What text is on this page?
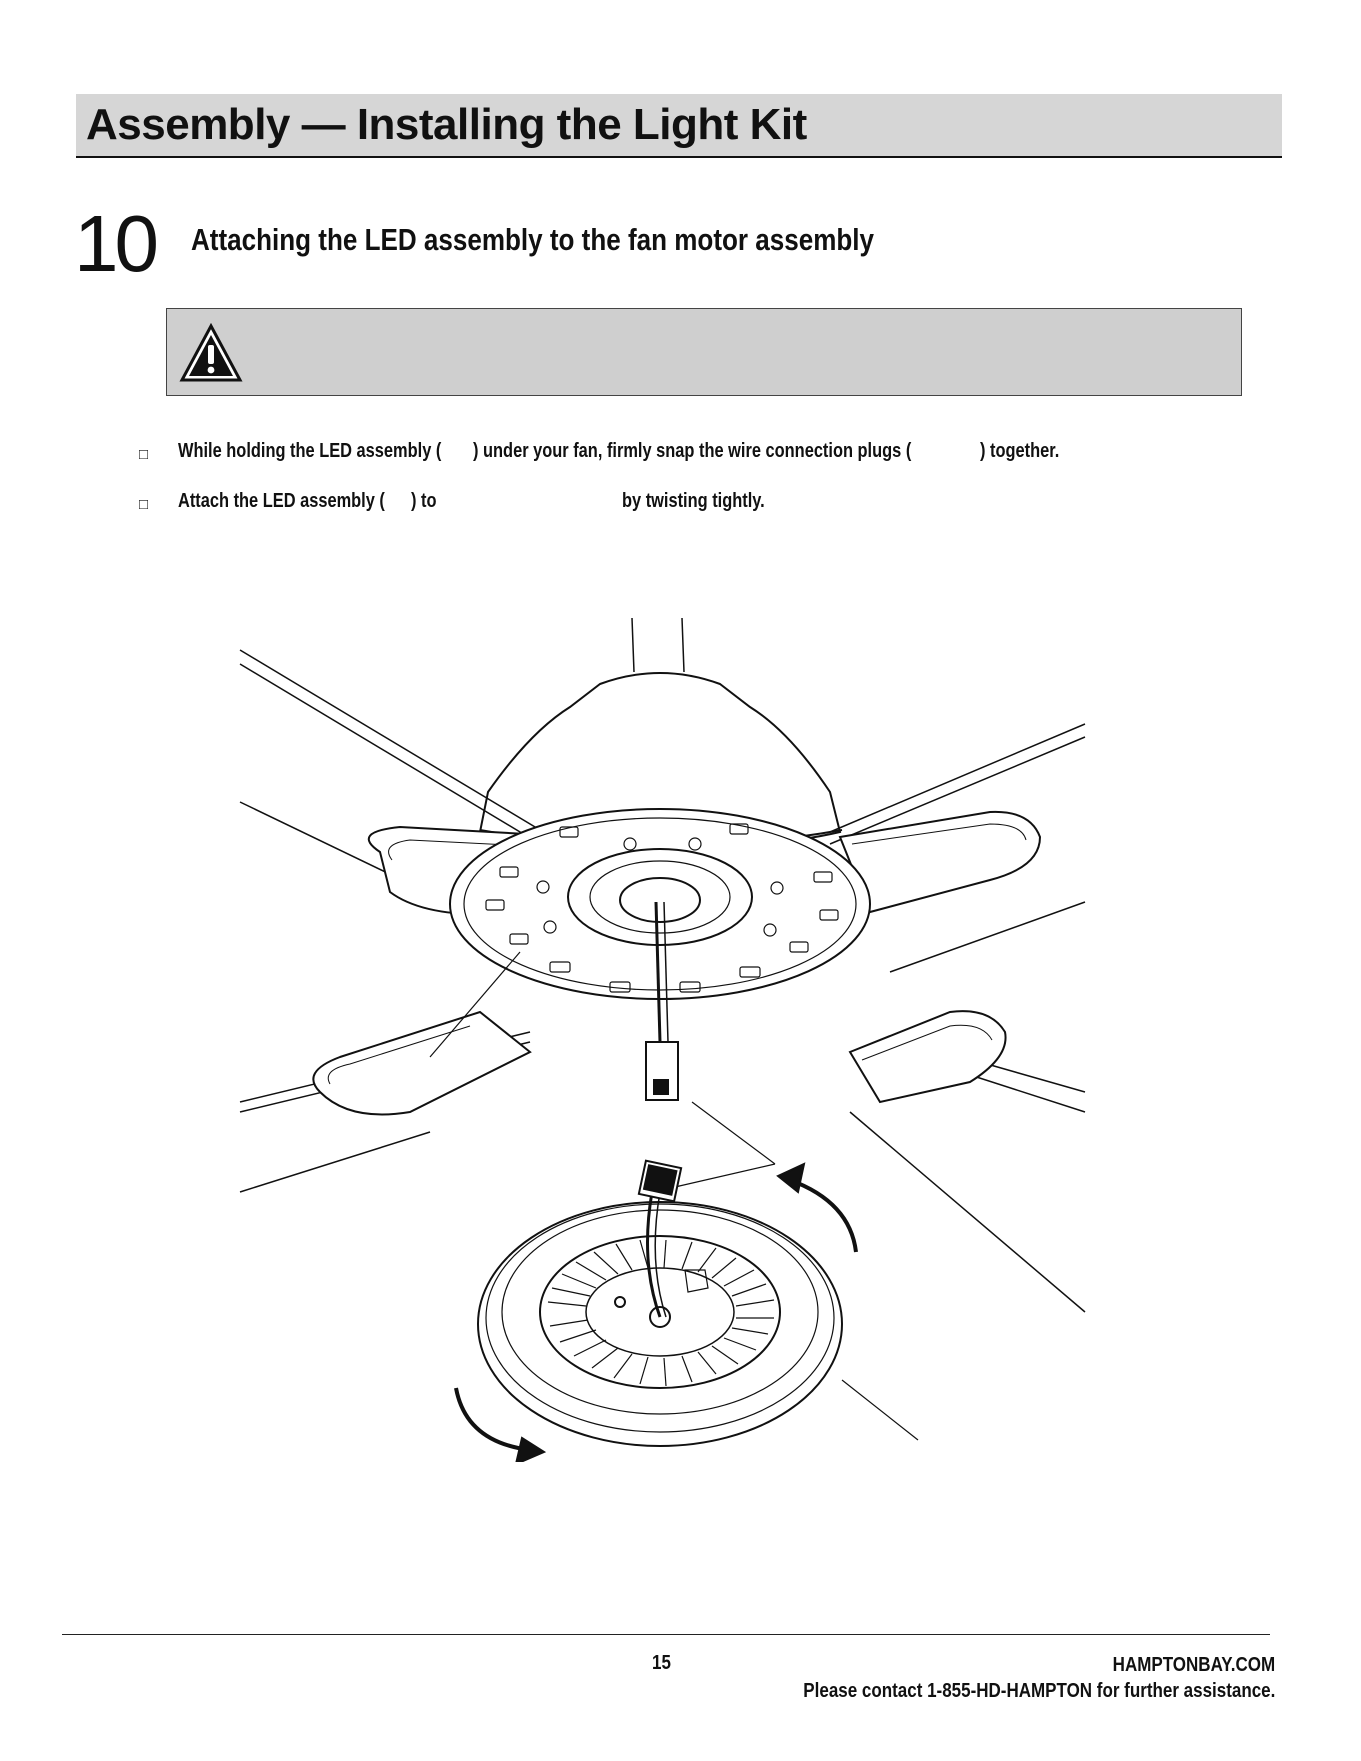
Assembly — Installing the Light Kit
10 Attaching the LED assembly to the fan motor assembly
□ While holding the LED assembly ( ) under your fan, firmly snap the wire connection plugs (	) together.
□ Attach the LED assembly ( ) to	by twisting tightly.
15	HAMPTONBAY.COM
Please contact 1-855-HD-HAMPTON for further assistance.
